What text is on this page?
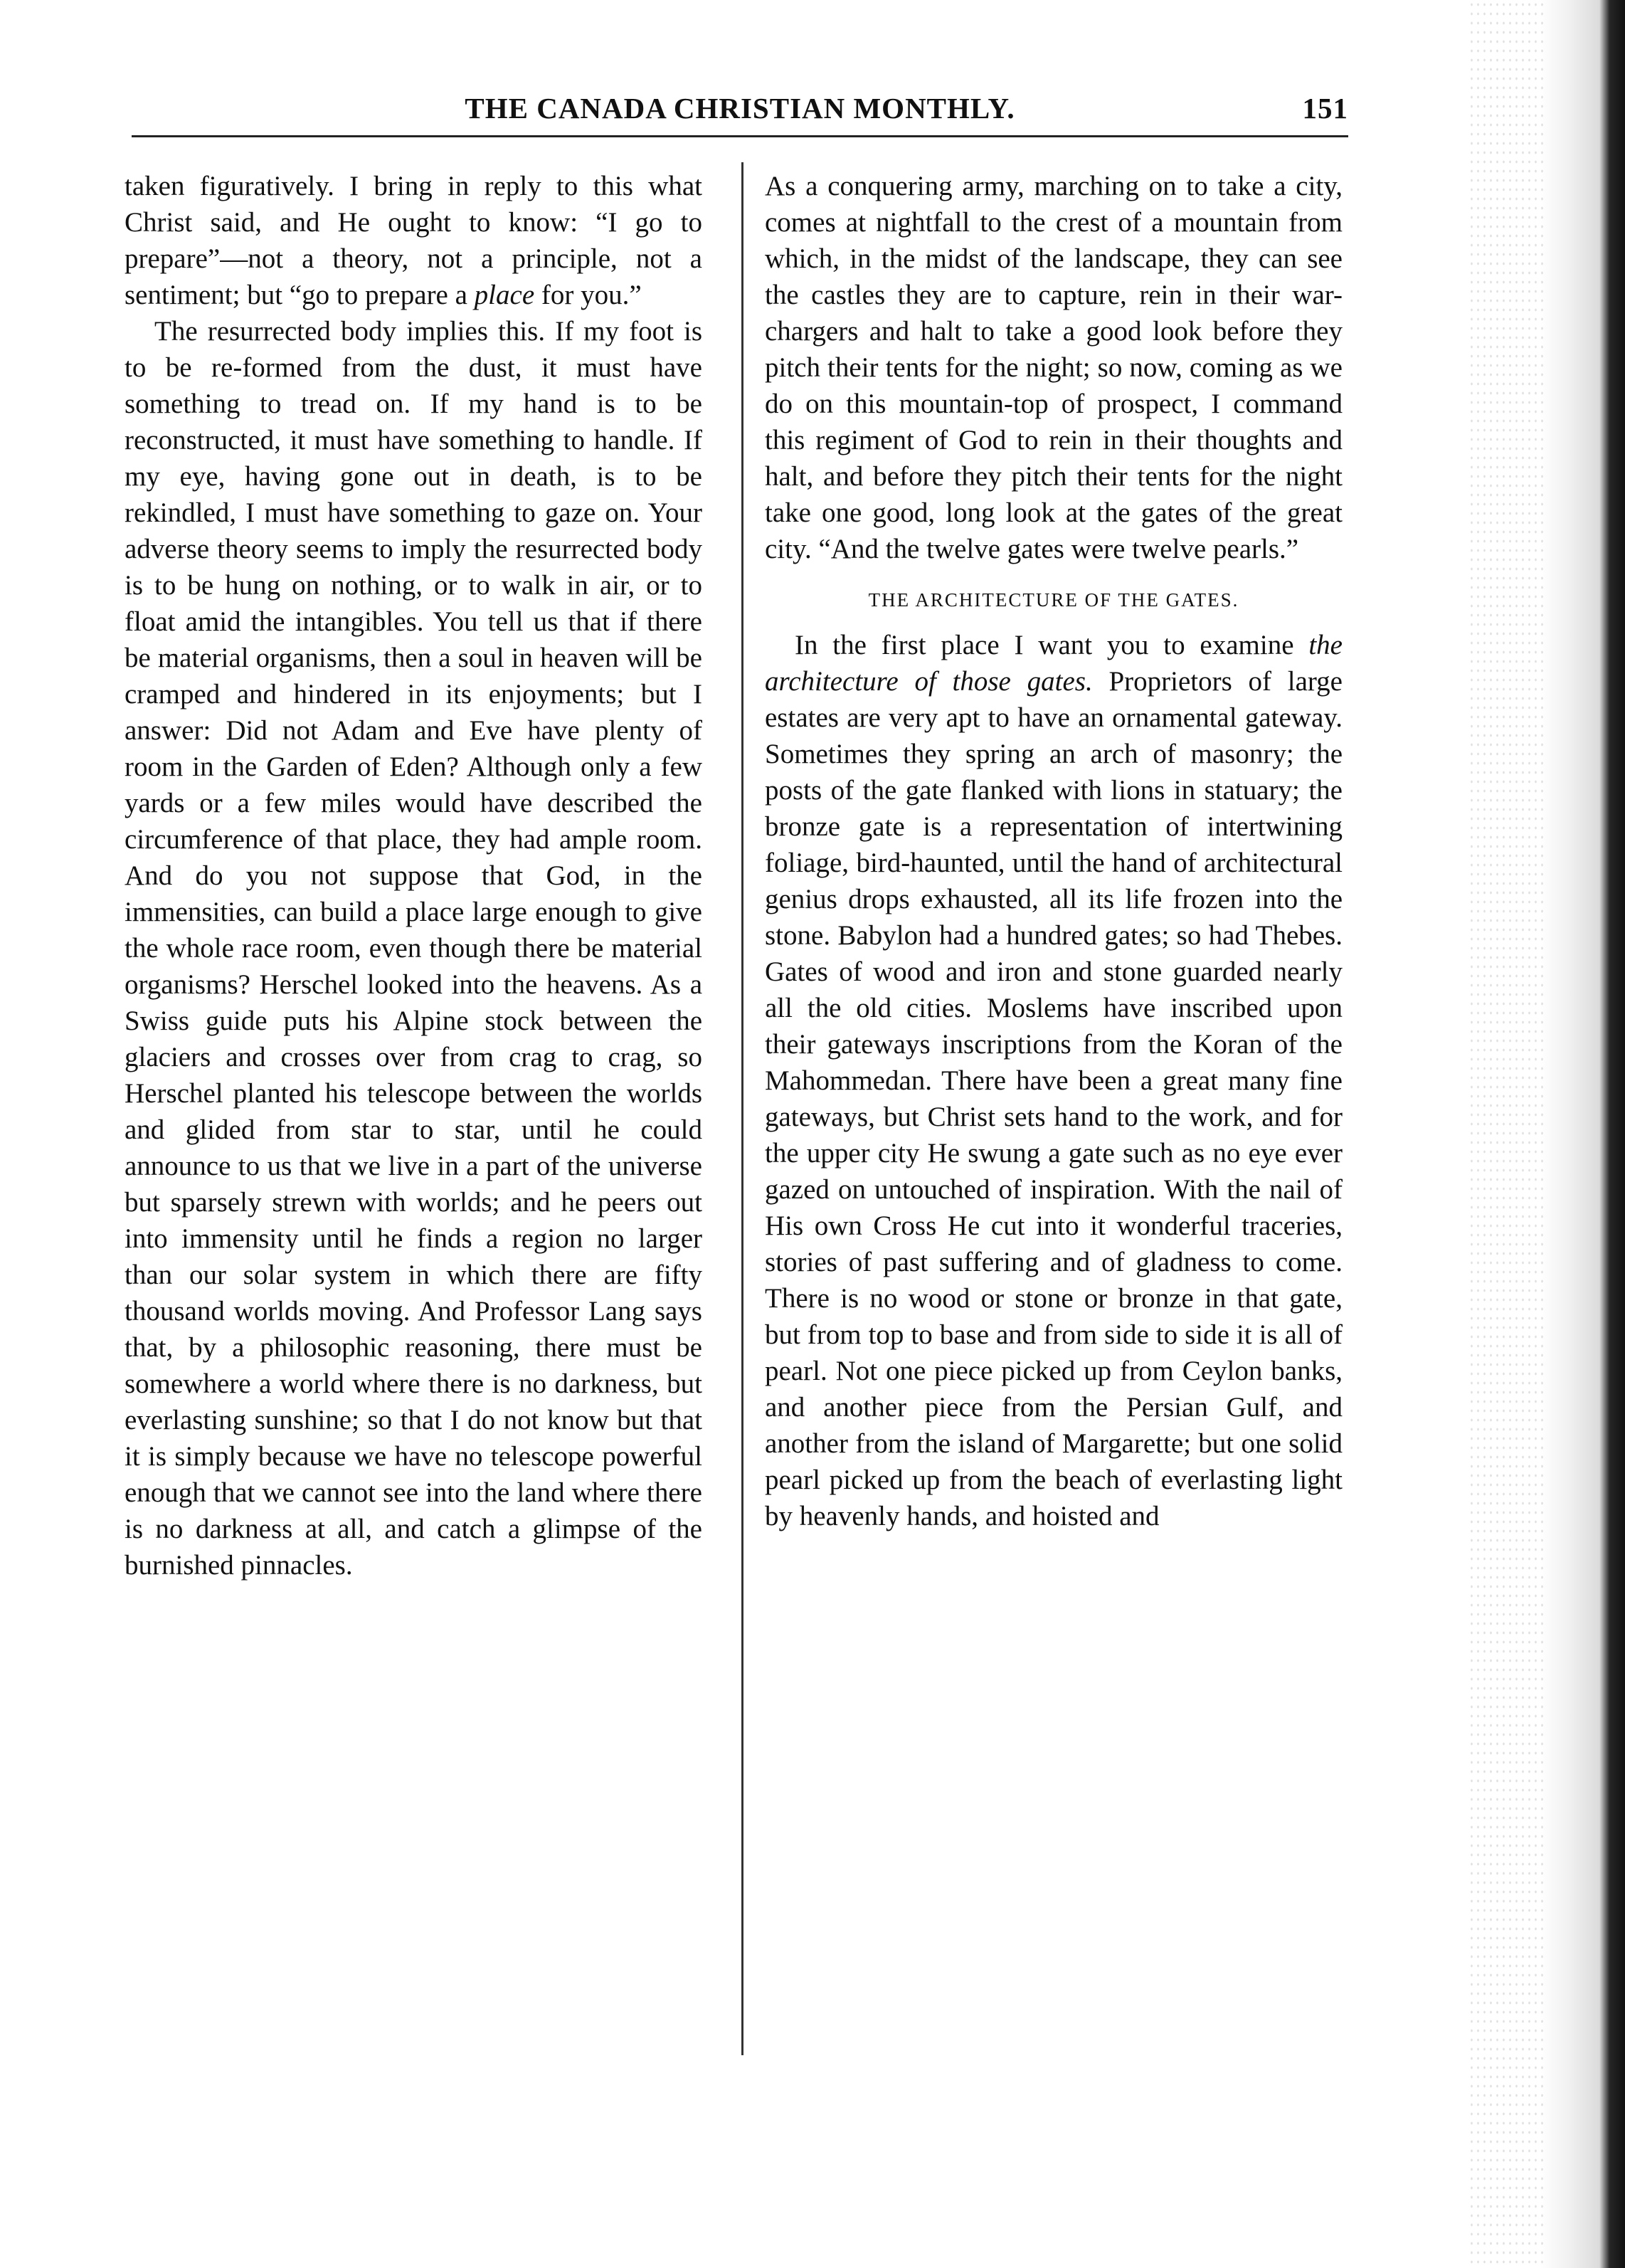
THE CANADA CHRISTIAN MONTHLY.	151

taken figuratively. I bring in reply to this what Christ said, and He ought to know: “I go to prepare”—not a theory, not a principle, not a sentiment; but “go to prepare a place for you.”

The resurrected body implies this. If my foot is to be re-formed from the dust, it must have something to tread on. If my hand is to be reconstructed, it must have something to handle. If my eye, having gone out in death, is to be rekindled, I must have something to gaze on. Your adverse theory seems to imply the resurrected body is to be hung on nothing, or to walk in air, or to float amid the intangibles. You tell us that if there be material organisms, then a soul in heaven will be cramped and hindered in its enjoyments; but I answer: Did not Adam and Eve have plenty of room in the Garden of Eden? Although only a few yards or a few miles would have described the circumference of that place, they had ample room. And do you not suppose that God, in the immensities, can build a place large enough to give the whole race room, even though there be material organisms? Herschel looked into the heavens. As a Swiss guide puts his Alpine stock between the glaciers and crosses over from crag to crag, so Herschel planted his telescope between the worlds and glided from star to star, until he could announce to us that we live in a part of the universe but sparsely strewn with worlds; and he peers out into immensity until he finds a region no larger than our solar system in which there are fifty thousand worlds moving. And Professor Lang says that, by a philosophic reasoning, there must be somewhere a world where there is no darkness, but everlasting sunshine; so that I do not know but that it is simply because we have no telescope powerful enough that we cannot see into the land where there is no darkness at all, and catch a glimpse of the burnished pinnacles.

As a conquering army, marching on to take a city, comes at nightfall to the crest of a mountain from which, in the midst of the landscape, they can see the castles they are to capture, rein in their war-chargers and halt to take a good look before they pitch their tents for the night; so now, coming as we do on this mountain-top of prospect, I command this regiment of God to rein in their thoughts and halt, and before they pitch their tents for the night take one good, long look at the gates of the great city. “And the twelve gates were twelve pearls.”

THE ARCHITECTURE OF THE GATES.

In the first place I want you to examine the architecture of those gates. Proprietors of large estates are very apt to have an ornamental gateway. Sometimes they spring an arch of masonry; the posts of the gate flanked with lions in statuary; the bronze gate is a representation of intertwining foliage, bird-haunted, until the hand of architectural genius drops exhausted, all its life frozen into the stone. Babylon had a hundred gates; so had Thebes. Gates of wood and iron and stone guarded nearly all the old cities. Moslems have inscribed upon their gateways inscriptions from the Koran of the Mahommedan. There have been a great many fine gateways, but Christ sets hand to the work, and for the upper city He swung a gate such as no eye ever gazed on untouched of inspiration. With the nail of His own Cross He cut into it wonderful traceries, stories of past suffering and of gladness to come. There is no wood or stone or bronze in that gate, but from top to base and from side to side it is all of pearl. Not one piece picked up from Ceylon banks, and another piece from the Persian Gulf, and another from the island of Margarette; but one solid pearl picked up from the beach of everlasting light by heavenly hands, and hoisted and
